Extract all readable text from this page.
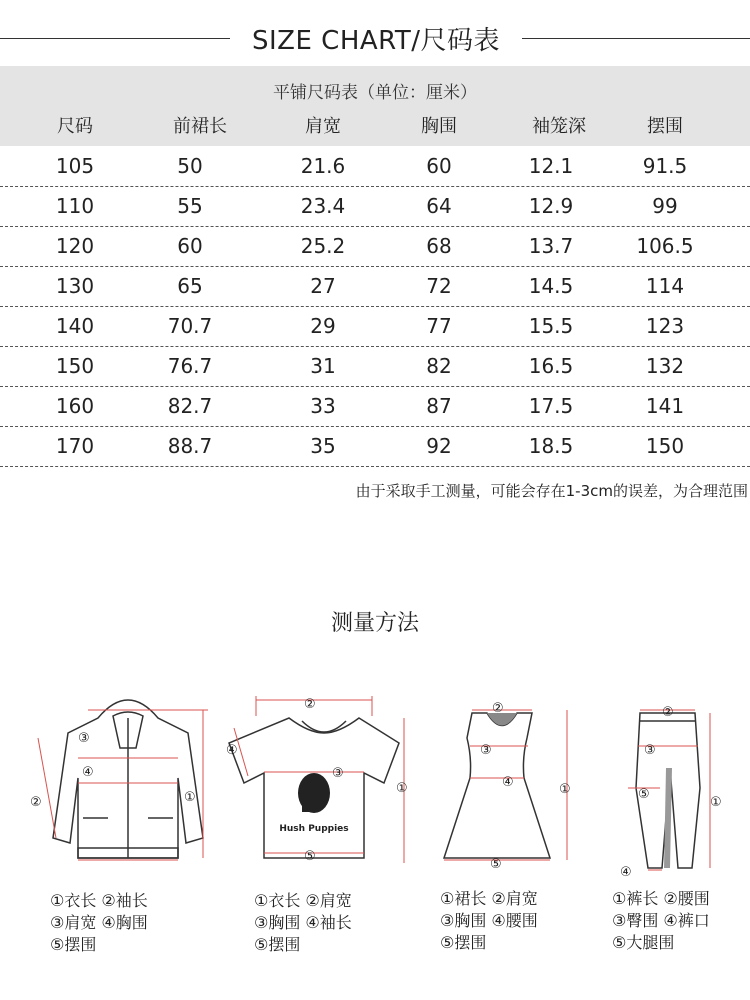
SIZE CHART/尺码表
平铺尺码表（单位：厘米）
尺码	前裙长	肩宽	胸围	袖笼深	摆围
105	50	21.6	60	12.1	91.5
110	55	23.4	64	12.9	99
120	60	25.2	68	13.7	106.5
130	65	27	72	14.5	114
140	70.7	29	77	15.5	123
150	76.7	31	82	16.5	132
160	82.7	33	87	17.5	141
170	88.7	35	92	18.5	150
由于采取手工测量，可能会存在1-3cm的误差，为合理范围
测量方法
①
②
③
④
Hush Puppies
②
①
③
④
⑤
②
①
③
④
⑤
②
①
③
④
⑤
①衣长 ②袖长
③肩宽 ④胸围
⑤摆围
①衣长 ②肩宽
③胸围 ④袖长
⑤摆围
①裙长 ②肩宽
③胸围 ④腰围
⑤摆围
①裤长 ②腰围
③臀围 ④裤口
⑤大腿围
